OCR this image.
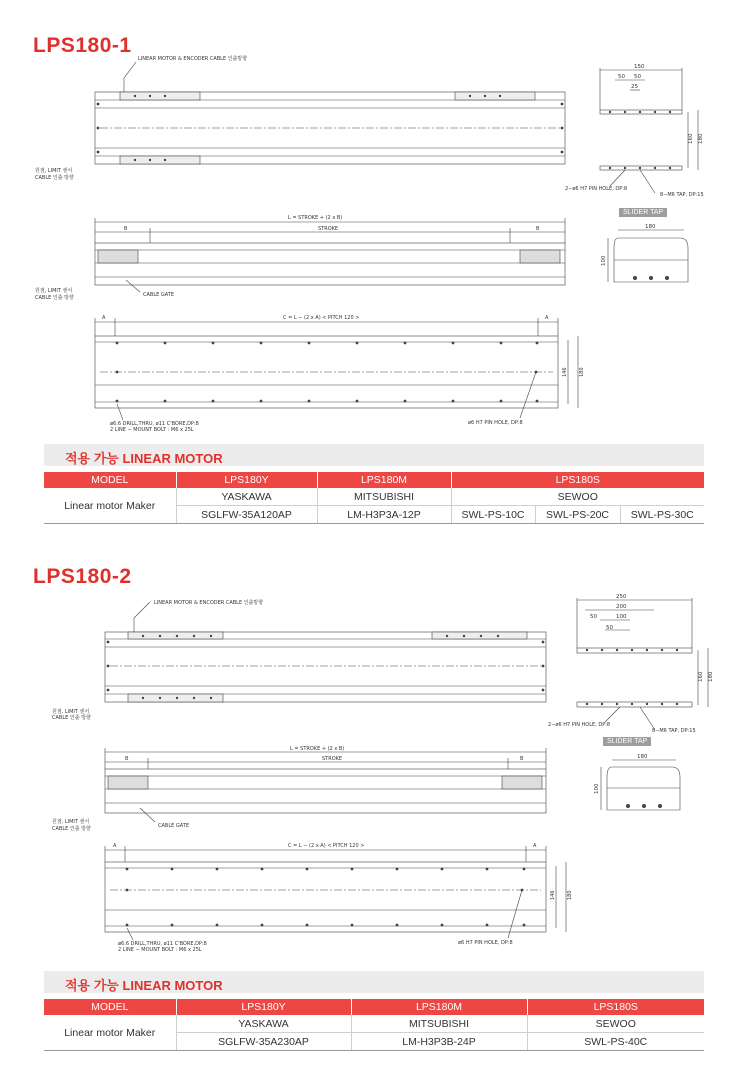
LPS180-1
LINEAR MOTOR & ENCODER CABLE 인출방향
원점, LIMIT 센서
CABLE 인출 방향
원점, LIMIT 센서
CABLE 인출 방향	CABLE GATE
L = STROKE + (2 x B)
B	STROKE	B
C = L − (2 x A) < PITCH 120 >
A	A
ø6.6 DRILL,THRU, ø11 C'BORE,DP:8
2 LINE − MOUNT BOLT : M6 x 25L
ø6 H7 PIN HOLE, DP:8
146 180
2−ø6 H7 PIN HOLE, DP:8
8−M6 TAP, DP:15
150
50 50
25
160 180
100
180
SLIDER TAP
적용 가능 LINEAR MOTOR
MODEL	LPS180Y	LPS180M	LPS180S		
Linear motor Maker	YASKAWA	MITSUBISHI	SEWOO		
	SGLFW-35A120AP	LM-H3P3A-12P	SWL-PS-10C	SWL-PS-20C	SWL-PS-30C
LPS180-2
LINEAR MOTOR & ENCODER CABLE 인출방향
원점, LIMIT 센서
CABLE 인출 방향
원점, LIMIT 센서
CABLE 인출 방향	CABLE GATE
L = STROKE + (2 x B)
B	STROKE	B
C = L − (2 x A) < PITCH 120 >
A	A
ø6.6 DRILL,THRU, ø11 C'BORE,DP:8
2 LINE − MOUNT BOLT : M6 x 25L
ø6 H7 PIN HOLE, DP:8
146 180
2−ø6 H7 PIN HOLE, DP:8
8−M6 TAP, DP:15
250
200
50	100
50
160 180
100
180
SLIDER TAP
적용 가능 LINEAR MOTOR
MODEL	LPS180Y	LPS180M	LPS180S
Linear motor Maker	YASKAWA	MITSUBISHI	SEWOO
	SGLFW-35A230AP	LM-H3P3B-24P	SWL-PS-40C
